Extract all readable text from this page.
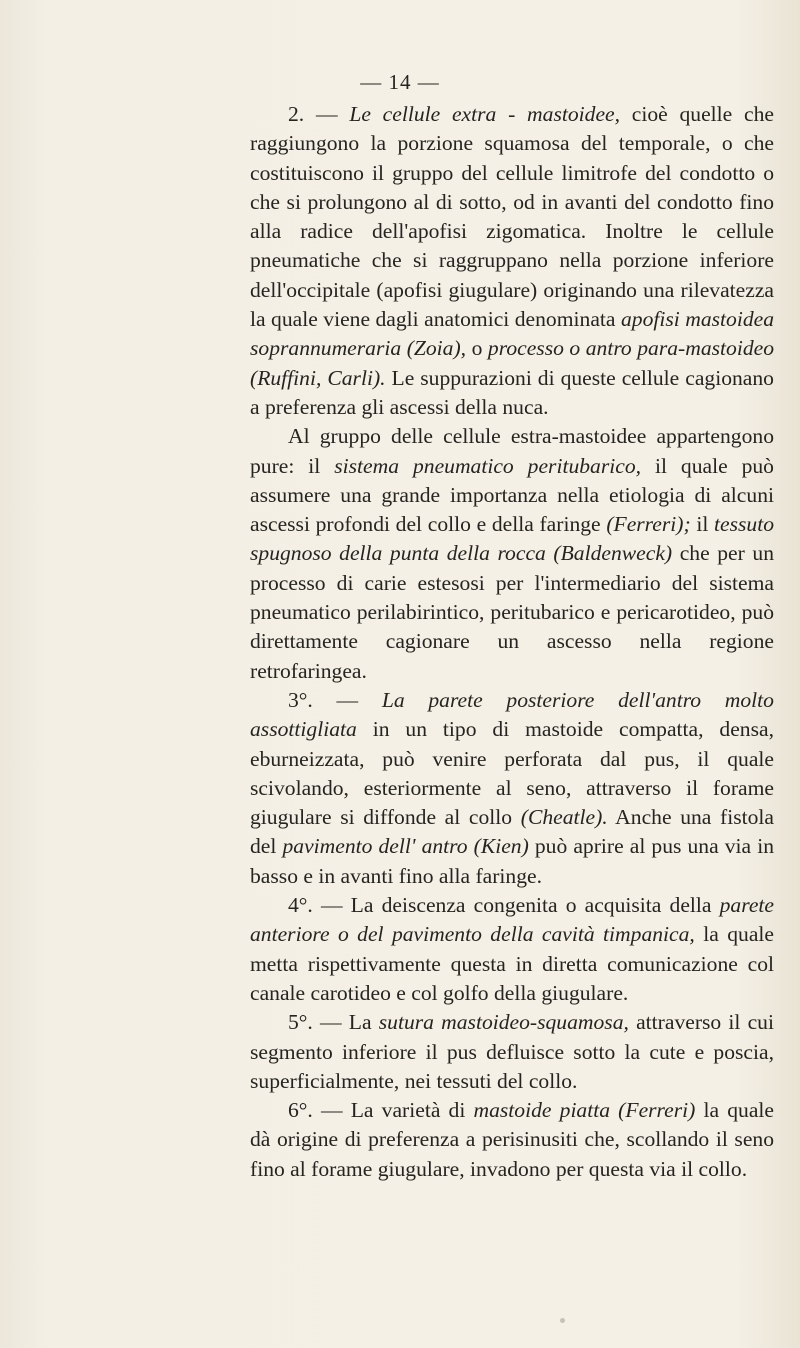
— 14 —

2. — Le cellule extra - mastoidee, cioè quelle che raggiungono la porzione squamosa del temporale, o che costituiscono il gruppo del cellule limitrofe del condotto o che si prolungono al di sotto, od in avanti del condotto fino alla radice dell'apofisi zigomatica. Inoltre le cellule pneumatiche che si raggruppano nella porzione inferiore dell'occipitale (apofisi giugulare) originando una rilevatezza la quale viene dagli anatomici denominata apofisi mastoidea soprannumeraria (Zoia), o processo o antro para-mastoideo (Ruffini, Carli). Le suppurazioni di queste cellule cagionano a preferenza gli ascessi della nuca.

Al gruppo delle cellule estra-mastoidee appartengono pure: il sistema pneumatico peritubarico, il quale può assumere una grande importanza nella etiologia di alcuni ascessi profondi del collo e della faringe (Ferreri); il tessuto spugnoso della punta della rocca (Baldenweck) che per un processo di carie estesosi per l'intermediario del sistema pneumatico perilabirintico, peritubarico e pericarotideo, può direttamente cagionare un ascesso nella regione retrofaringea.

3°. — La parete posteriore dell'antro molto assottigliata in un tipo di mastoide compatta, densa, eburneizzata, può venire perforata dal pus, il quale scivolando, esteriormente al seno, attraverso il forame giugulare si diffonde al collo (Cheatle). Anche una fistola del pavimento dell' antro (Kien) può aprire al pus una via in basso e in avanti fino alla faringe.

4°. — La deiscenza congenita o acquisita della parete anteriore o del pavimento della cavità timpanica, la quale metta rispettivamente questa in diretta comunicazione col canale carotideo e col golfo della giugulare.

5°. — La sutura mastoideo-squamosa, attraverso il cui segmento inferiore il pus defluisce sotto la cute e poscia, superficialmente, nei tessuti del collo.

6°. — La varietà di mastoide piatta (Ferreri) la quale dà origine di preferenza a perisinusiti che, scollando il seno fino al forame giugulare, invadono per questa via il collo.
